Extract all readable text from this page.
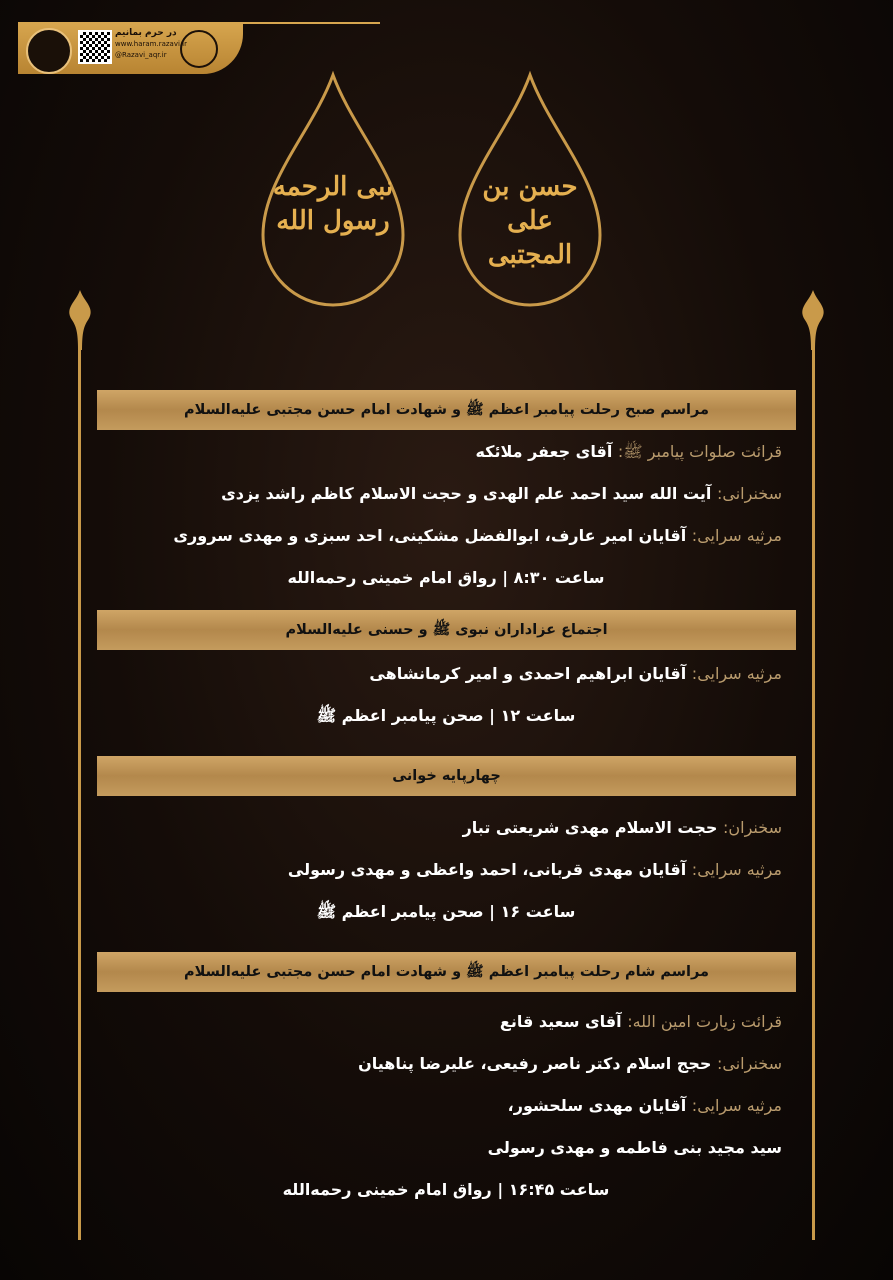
در حرم بمانیم
www.haram.razavi.ir
@Razavi_aqr.ir
نبی الرحمه رسول الله
حسن بن علی المجتبی
مراسم صبح رحلت پیامبر اعظم ﷺ و شهادت امام حسن مجتبی علیه‌السلام
قرائت صلوات پیامبر ﷺ: آقای جعفر ملائکه
سخنرانی: آیت الله سید احمد علم الهدی و حجت الاسلام کاظم راشد یزدی
مرثیه سرایی: آقایان امیر عارف، ابوالفضل مشکینی، احد سبزی و مهدی سروری
ساعت ۸:۳۰ | رواق امام خمینی رحمه‌الله
اجتماع عزاداران نبوی ﷺ و حسنی علیه‌السلام
مرثیه سرایی: آقایان ابراهیم احمدی و امیر کرمانشاهی
ساعت ۱۲ | صحن پیامبر اعظم ﷺ
چهارپایه خوانی
سخنران: حجت الاسلام مهدی شریعتی تبار
مرثیه سرایی: آقایان مهدی قربانی، احمد واعظی و مهدی رسولی
ساعت ۱۶ | صحن پیامبر اعظم ﷺ
مراسم شام رحلت پیامبر اعظم ﷺ و شهادت امام حسن مجتبی علیه‌السلام
قرائت زیارت امین الله: آقای سعید قانع
سخنرانی: حجج اسلام دکتر ناصر رفیعی، علیرضا پناهیان
مرثیه سرایی: آقایان مهدی سلحشور،
سید مجید بنی فاطمه و مهدی رسولی
ساعت ۱۶:۴۵ | رواق امام خمینی رحمه‌الله
